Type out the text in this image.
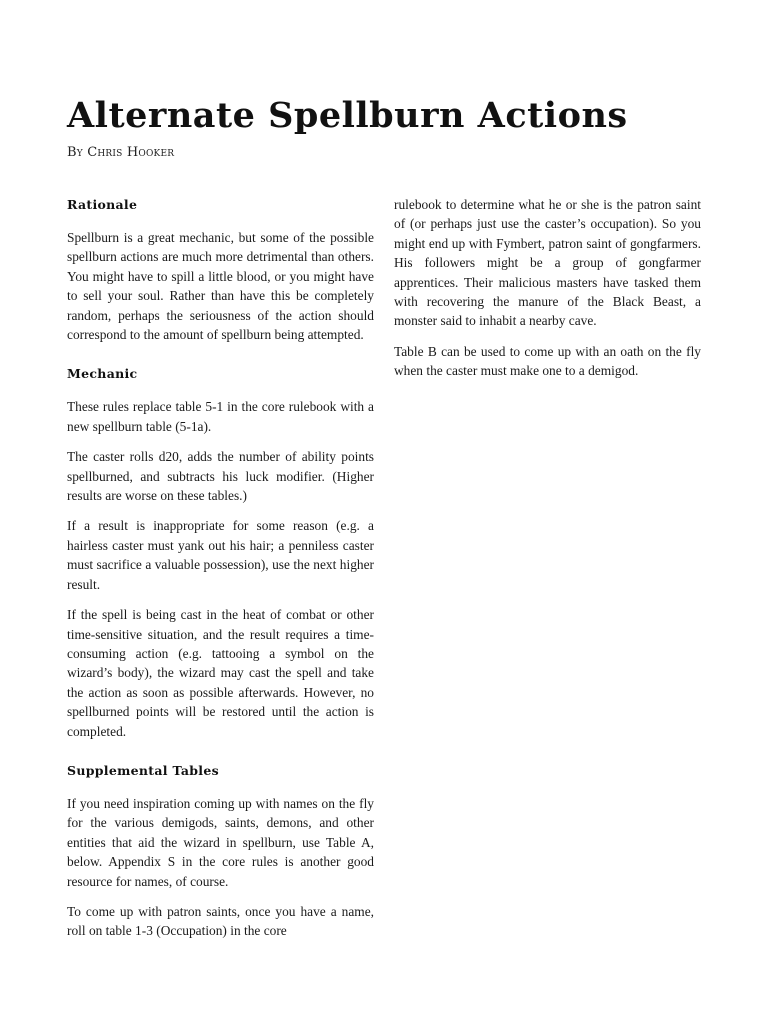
Alternate Spellburn Actions
By Chris Hooker
Rationale

Spellburn is a great mechanic, but some of the possible spellburn actions are much more detrimental than others. You might have to spill a little blood, or you might have to sell your soul. Rather than have this be completely random, perhaps the seriousness of the action should correspond to the amount of spellburn being attempted.

Mechanic

These rules replace table 5-1 in the core rulebook with a new spellburn table (5-1a).

The caster rolls d20, adds the number of ability points spellburned, and subtracts his luck modifier. (Higher results are worse on these tables.)

If a result is inappropriate for some reason (e.g. a hairless caster must yank out his hair; a penniless caster must sacrifice a valuable possession), use the next higher result.

If the spell is being cast in the heat of combat or other time-sensitive situation, and the result requires a time-consuming action (e.g. tattooing a symbol on the wizard’s body), the wizard may cast the spell and take the action as soon as possible afterwards. However, no spellburned points will be restored until the action is completed.

Supplemental Tables

If you need inspiration coming up with names on the fly for the various demigods, saints, demons, and other entities that aid the wizard in spellburn, use Table A, below. Appendix S in the core rules is another good resource for names, of course.

To come up with patron saints, once you have a name, roll on table 1-3 (Occupation) in the core

rulebook to determine what he or she is the patron saint of (or perhaps just use the caster’s occupation). So you might end up with Fymbert, patron saint of gongfarmers. His followers might be a group of gongfarmer apprentices. Their malicious masters have tasked them with recovering the manure of the Black Beast, a monster said to inhabit a nearby cave.

Table B can be used to come up with an oath on the fly when the caster must make one to a demigod.
